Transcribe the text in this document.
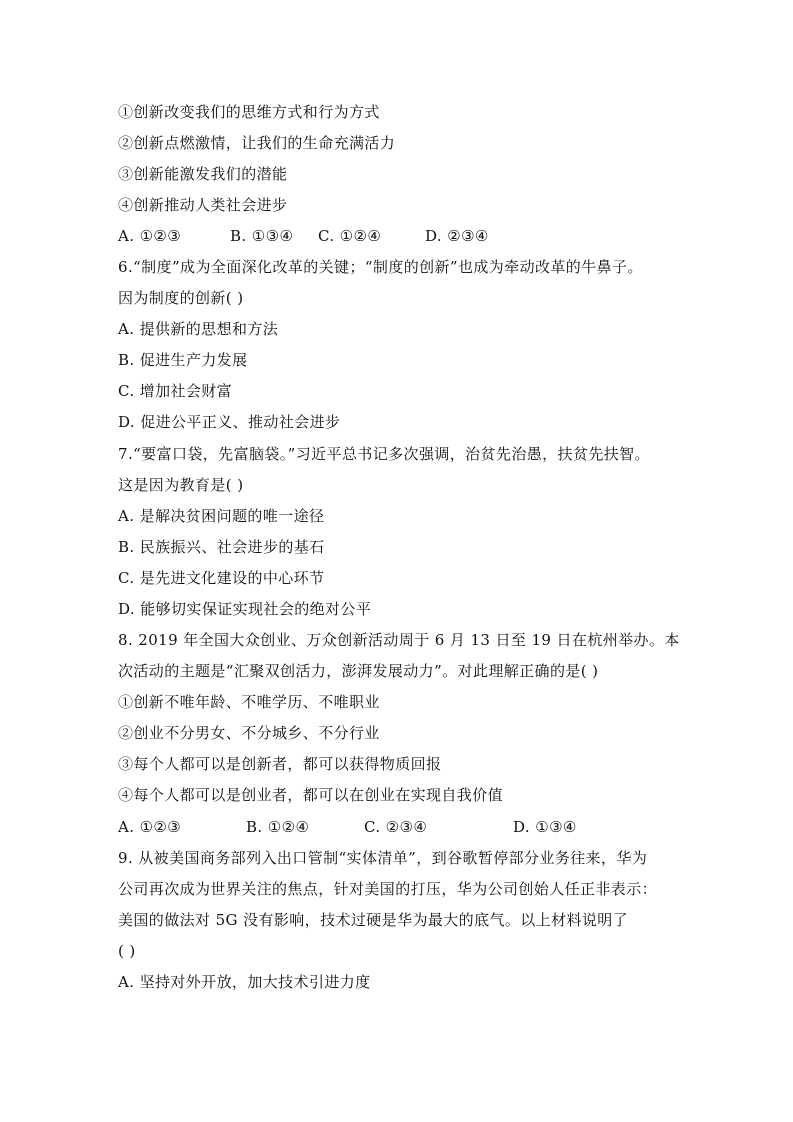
①创新改变我们的思维方式和行为方式
②创新点燃激情，让我们的生命充满活力
③创新能激发我们的潜能
④创新推动人类社会进步
A. ①②③	B. ①③④ C. ①②④	D. ②③④
6.“制度”成为全面深化改革的关键；“制度的创新”也成为牵动改革的牛鼻子。
因为制度的创新( )
A. 提供新的思想和方法
B. 促进生产力发展
C. 增加社会财富
D. 促进公平正义、推动社会进步
7.“要富口袋，先富脑袋。”习近平总书记多次强调，治贫先治愚，扶贫先扶智。
这是因为教育是( )
A. 是解决贫困问题的唯一途径
B. 民族振兴、社会进步的基石
C. 是先进文化建设的中心环节
D. 能够切实保证实现社会的绝对公平
8. 2019 年全国大众创业、万众创新活动周于 6 月 13 日至 19 日在杭州举办。本
次活动的主题是“汇聚双创活力，澎湃发展动力”。对此理解正确的是( )
①创新不唯年龄、不唯学历、不唯职业
②创业不分男女、不分城乡、不分行业
③每个人都可以是创新者，都可以获得物质回报
④每个人都可以是创业者，都可以在创业在实现自我价值
A. ①②③	B. ①②④	C. ②③④	D. ①③④
9. 从被美国商务部列入出口管制“实体清单”，到谷歌暂停部分业务往来，华为
公司再次成为世界关注的焦点，针对美国的打压，华为公司创始人任正非表示：
美国的做法对 5G 没有影响，技术过硬是华为最大的底气。以上材料说明了
( )
A. 坚持对外开放，加大技术引进力度
